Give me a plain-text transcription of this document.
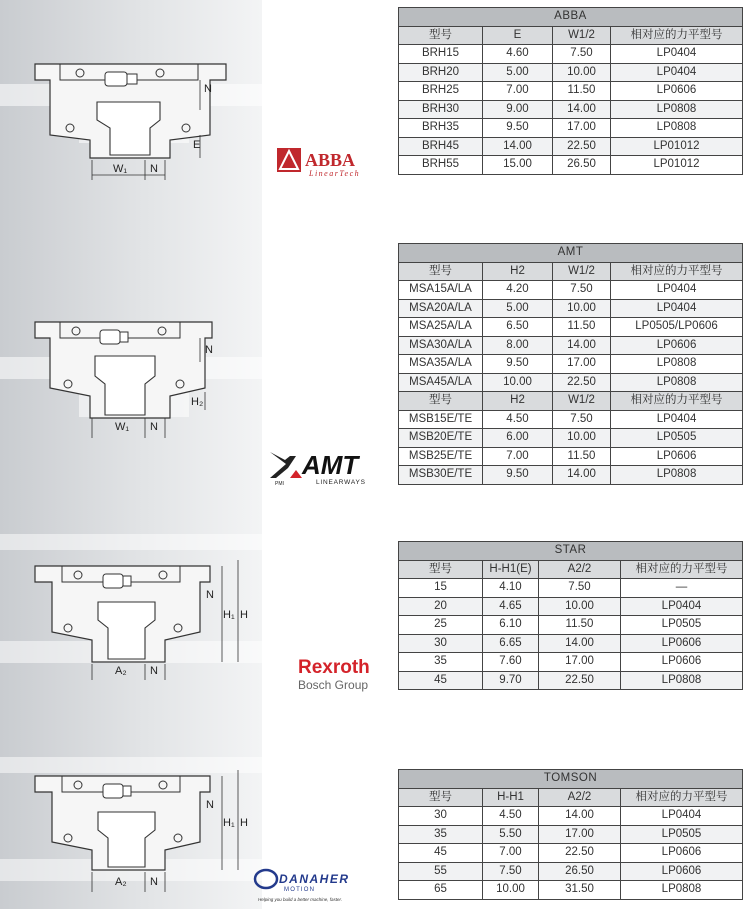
N
E
W₁ N
N
H₂
W₁ N
N
H₁ H
A₂ N
N
H₁ H
A₂ N
ABBA
LinearTech
PMI
AMT
LINEARWAYS
Rexroth
Bosch Group
DANAHER
MOTION
Helping you build a better machine, faster.
ABBA			
型号	E	W1/2	相对应的力平型号
BRH15	4.60	7.50	LP0404
BRH20	5.00	10.00	LP0404
BRH25	7.00	11.50	LP0606
BRH30	9.00	14.00	LP0808
BRH35	9.50	17.00	LP0808
BRH45	14.00	22.50	LP01012
BRH55	15.00	26.50	LP01012
AMT			
型号	H2	W1/2	相对应的力平型号
MSA15A/LA	4.20	7.50	LP0404
MSA20A/LA	5.00	10.00	LP0404
MSA25A/LA	6.50	11.50	LP0505/LP0606
MSA30A/LA	8.00	14.00	LP0606
MSA35A/LA	9.50	17.00	LP0808
MSA45A/LA	10.00	22.50	LP0808
型号	H2	W1/2	相对应的力平型号
MSB15E/TE	4.50	7.50	LP0404
MSB20E/TE	6.00	10.00	LP0505
MSB25E/TE	7.00	11.50	LP0606
MSB30E/TE	9.50	14.00	LP0808
STAR			
型号	H-H1(E)	A2/2	相对应的力平型号
15	4.10	7.50	—
20	4.65	10.00	LP0404
25	6.10	11.50	LP0505
30	6.65	14.00	LP0606
35	7.60	17.00	LP0606
45	9.70	22.50	LP0808
TOMSON			
型号	H-H1	A2/2	相对应的力平型号
30	4.50	14.00	LP0404
35	5.50	17.00	LP0505
45	7.00	22.50	LP0606
55	7.50	26.50	LP0606
65	10.00	31.50	LP0808
